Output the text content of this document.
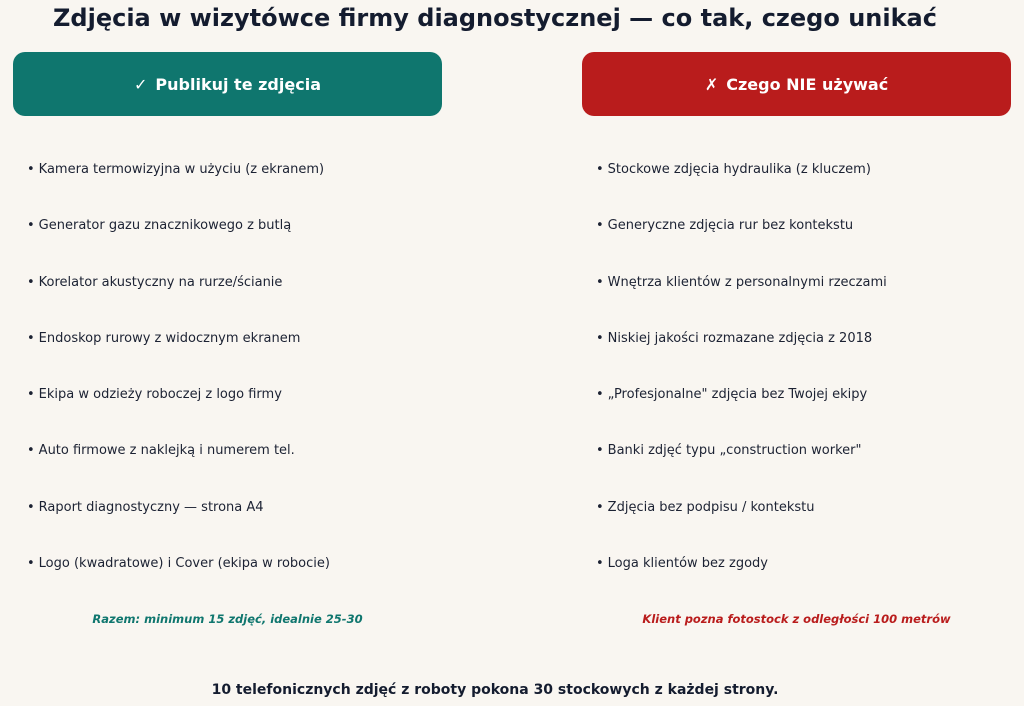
Zdjęcia w wizytówce firmy diagnostycznej — co tak, czego unikać
✓ Publikuj te zdjęcia
• Kamera termowizyjna w użyciu (z ekranem)
• Generator gazu znacznikowego z butlą
• Korelator akustyczny na rurze/ścianie
• Endoskop rurowy z widocznym ekranem
• Ekipa w odzieży roboczej z logo firmy
• Auto firmowe z naklejką i numerem tel.
• Raport diagnostyczny — strona A4
• Logo (kwadratowe) i Cover (ekipa w robocie)
Razem: minimum 15 zdjęć, idealnie 25-30
✗ Czego NIE używać
• Stockowe zdjęcia hydraulika (z kluczem)
• Generyczne zdjęcia rur bez kontekstu
• Wnętrza klientów z personalnymi rzeczami
• Niskiej jakości rozmazane zdjęcia z 2018
• „Profesjonalne" zdjęcia bez Twojej ekipy
• Banki zdjęć typu „construction worker"
• Zdjęcia bez podpisu / kontekstu
• Loga klientów bez zgody
Klient pozna fotostock z odległości 100 metrów
10 telefonicznych zdjęć z roboty pokona 30 stockowych z każdej strony.
